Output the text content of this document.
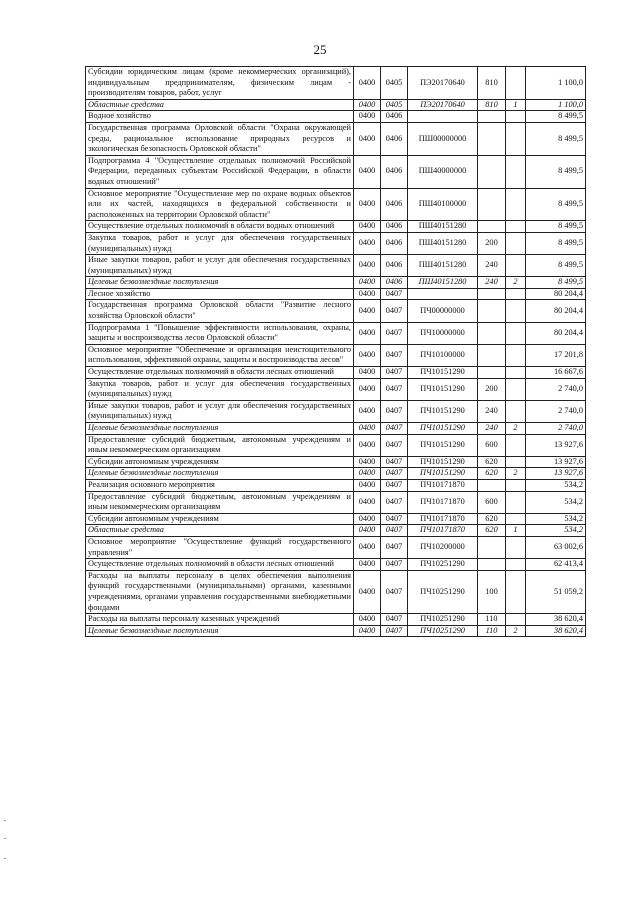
25
Субсидии юридическим лицам (кроме некоммерческих организаций), индивидуальным предпринимателям, физическим лицам - производителям товаров, работ, услуг	0400	0405	ПЭ20170640	810		1 100,0
Областные средства	0400	0405	ПЭ20170640	810	1	1 100,0
Водное хозяйство	0400	0406				8 499,5
Государственная программа Орловской области "Охрана окружающей среды, рациональное использование природных ресурсов и экологическая безопасность Орловской области"	0400	0406	ПШ00000000			8 499,5
Подпрограмма 4 "Осуществление отдельных полномочий Российской Федерации, переданных субъектам Российской Федерации, в области водных отношений"	0400	0406	ПШ40000000			8 499,5
Основное мероприятие "Осуществление мер по охране водных объектов или их частей, находящихся в федеральной собственности и расположенных на территории Орловской области"	0400	0406	ПШ40100000			8 499,5
Осуществление отдельных полномочий в области водных отношений	0400	0406	ПШ40151280			8 499,5
Закупка товаров, работ и услуг для обеспечения государственных (муниципальных) нужд	0400	0406	ПШ40151280	200		8 499,5
Иные закупки товаров, работ и услуг для обеспечения государственных (муниципальных) нужд	0400	0406	ПШ40151280	240		8 499,5
Целевые безвозмездные поступления	0400	0406	ПШ40151280	240	2	8 499,5
Лесное хозяйство	0400	0407				80 204,4
Государственная программа Орловской области "Развитие лесного хозяйства Орловской области"	0400	0407	ПЧ00000000			80 204,4
Подпрограмма 1 "Повышение эффективности использования, охраны, защиты и воспроизводства лесов Орловской области"	0400	0407	ПЧ10000000			80 204,4
Основное мероприятие "Обеспечение и организация неистощительного использования, эффективной охраны, защиты и воспроизводства лесов"	0400	0407	ПЧ10100000			17 201,8
Осуществление отдельных полномочий в области лесных отношений	0400	0407	ПЧ10151290			16 667,6
Закупка товаров, работ и услуг для обеспечения государственных (муниципальных) нужд	0400	0407	ПЧ10151290	200		2 740,0
Иные закупки товаров, работ и услуг для обеспечения государственных (муниципальных) нужд	0400	0407	ПЧ10151290	240		2 740,0
Целевые безвозмездные поступления	0400	0407	ПЧ10151290	240	2	2 740,0
Предоставление субсидий бюджетным, автономным учреждениям и иным некоммерческим организациям	0400	0407	ПЧ10151290	600		13 927,6
Субсидии автономным учреждениям	0400	0407	ПЧ10151290	620		13 927,6
Целевые безвозмездные поступления	0400	0407	ПЧ10151290	620	2	13 927,6
Реализация основного мероприятия	0400	0407	ПЧ10171870			534,2
Предоставление субсидий бюджетным, автономным учреждениям и иным некоммерческим организациям	0400	0407	ПЧ10171870	600		534,2
Субсидии автономным учреждениям	0400	0407	ПЧ10171870	620		534,2
Областные средства	0400	0407	ПЧ10171870	620	1	534,2
Основное мероприятие "Осуществление функций государственного управления"	0400	0407	ПЧ10200000			63 002,6
Осуществление отдельных полномочий в области лесных отношений	0400	0407	ПЧ10251290			62 413,4
Расходы на выплаты персоналу в целях обеспечения выполнения функций государственными (муниципальными) органами, казенными учреждениями, органами управления государственными внебюджетными фондами	0400	0407	ПЧ10251290	100		51 059,2
Расходы на выплаты персоналу казенных учреждений	0400	0407	ПЧ10251290	110		38 620,4
Целевые безвозмездные поступления	0400	0407	ПЧ10251290	110	2	38 620,4
